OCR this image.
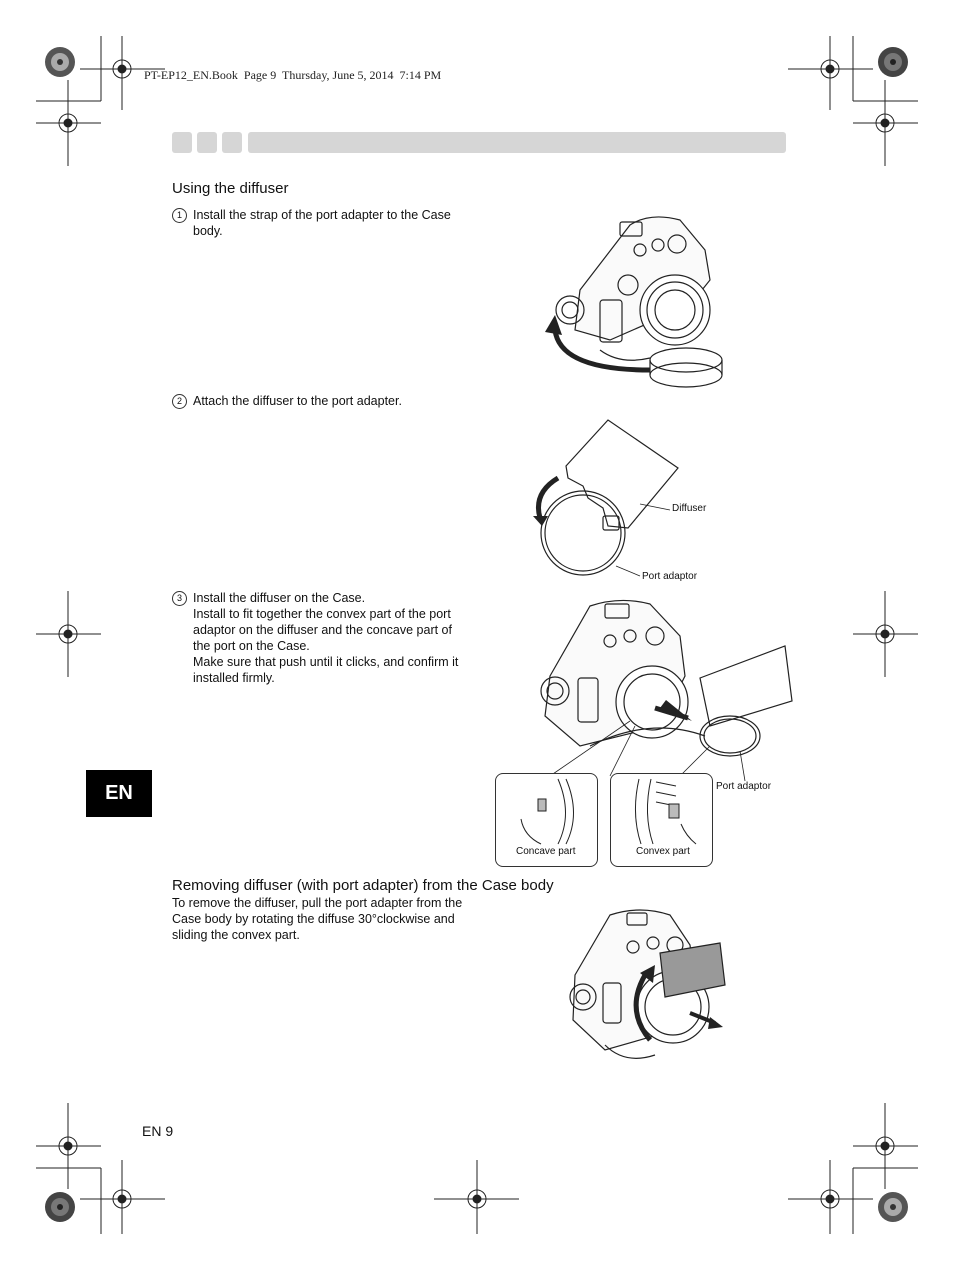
PT-EP12_EN.Book  Page 9  Thursday, June 5, 2014  7:14 PM
Using the diffuser
1 Install the strap of the port adapter to the Case
body.
2 Attach the diffuser to the port adapter.
3 Install the diffuser on the Case.
Install to fit together the convex part of the port
adaptor on the diffuser and the concave part of
the port on the Case.
Make sure that push until it clicks, and confirm it
installed firmly.
Diffuser
Port adaptor
Port adaptor
Concave part	Convex part
Removing diffuser (with port adapter) from the Case body
To remove the diffuser, pull the port adapter from the
Case body by rotating the diffuse 30°clockwise and
sliding the convex part.
EN
EN 9
